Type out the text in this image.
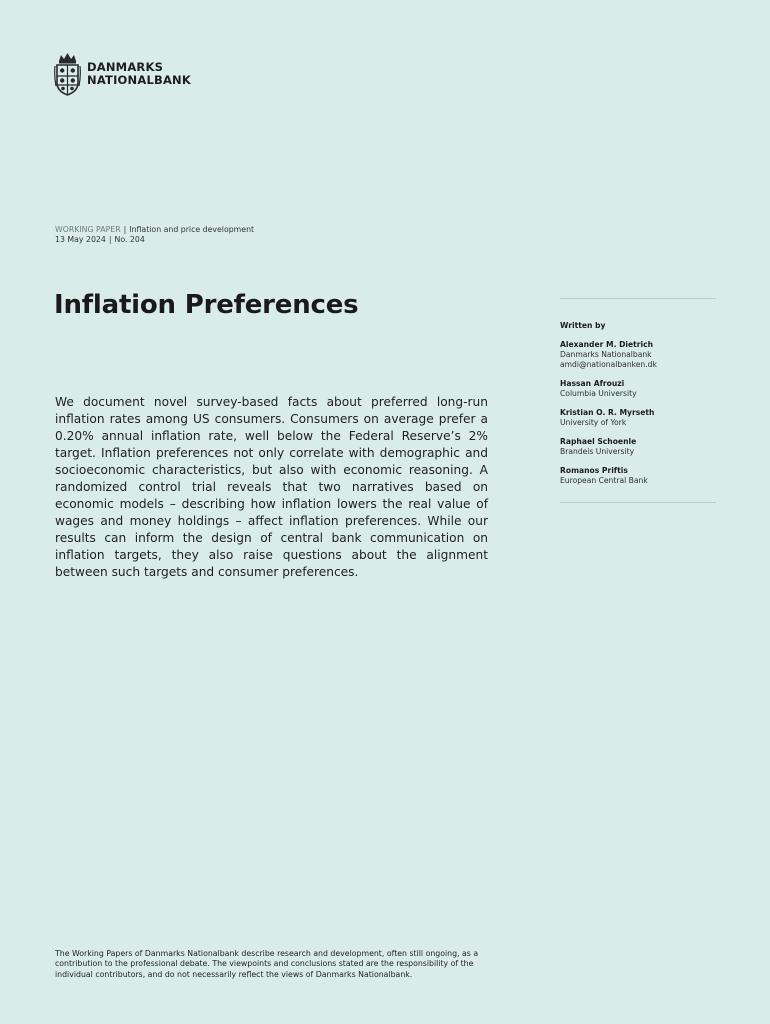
DANMARKS
NATIONALBANK
WORKING PAPER | Inflation and price development
13 May 2024 | No. 204
Inflation Preferences
We document novel survey-based facts about preferred long-run inflation rates among US consumers. Consumers on average prefer a 0.20% annual inflation rate, well below the Federal Reserve’s 2% target. Inflation preferences not only correlate with demographic and socioeconomic characteristics, but also with economic reasoning. A randomized control trial reveals that two narratives based on economic models – describing how inflation lowers the real value of wages and money holdings – affect inflation preferences. While our results can inform the design of central bank communication on inflation targets, they also raise questions about the alignment between such targets and consumer preferences.
Written by
Alexander M. Dietrich
Danmarks Nationalbank
amdi@nationalbanken.dk
Hassan Afrouzi
Columbia University
Kristian O. R. Myrseth
University of York
Raphael Schoenle
Brandeis University
Romanos Priftis
European Central Bank
The Working Papers of Danmarks Nationalbank describe research and development, often still ongoing, as a contribution to the professional debate. The viewpoints and conclusions stated are the responsibility of the individual contributors, and do not necessarily reflect the views of Danmarks Nationalbank.
